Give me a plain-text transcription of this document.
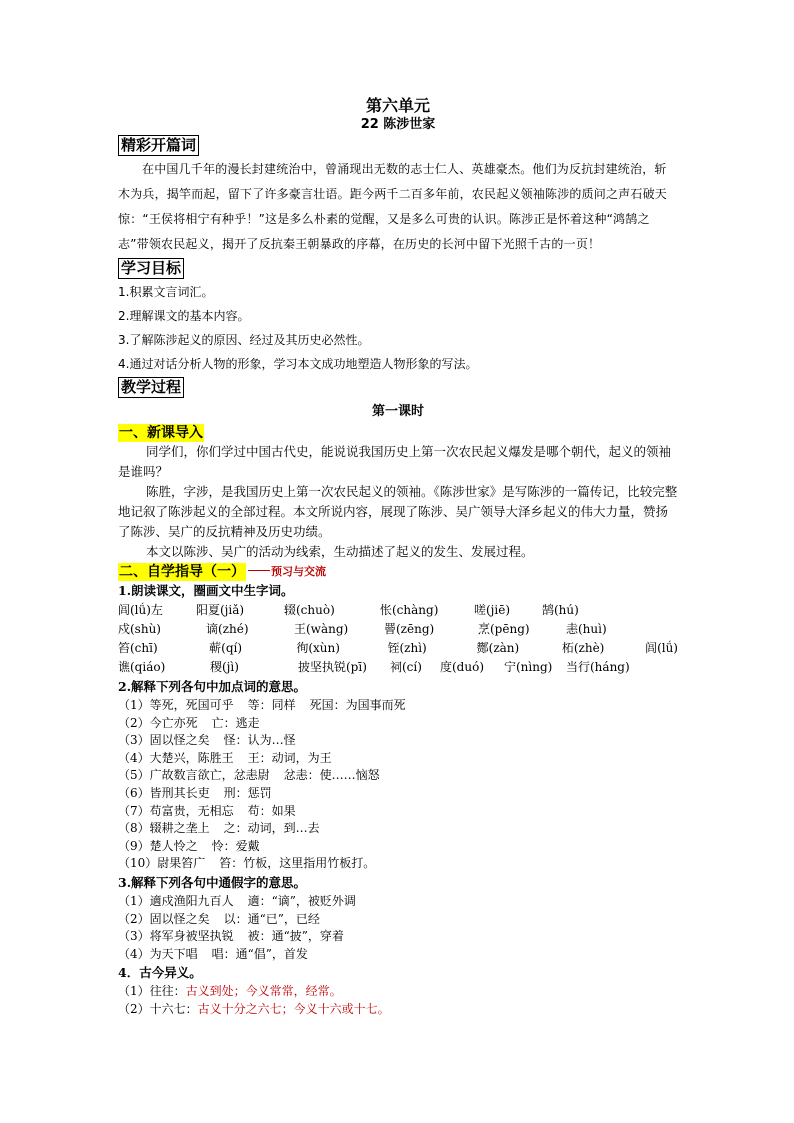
第六单元

22 陈涉世家

精彩开篇词

在中国几千年的漫长封建统治中，曾涌现出无数的志士仁人、英雄豪杰。他们为反抗封建统治，斩木为兵，揭竿而起，留下了许多豪言壮语。距今两千二百多年前，农民起义领袖陈涉的质问之声石破天惊：“王侯将相宁有种乎！”这是多么朴素的觉醒，又是多么可贵的认识。陈涉正是怀着这种“鸿鹄之志”带领农民起义，揭开了反抗秦王朝暴政的序幕，在历史的长河中留下光照千古的一页！

学习目标

1.积累文言词汇。

2.理解课文的基本内容。

3.了解陈涉起义的原因、经过及其历史必然性。

4.通过对话分析人物的形象，学习本文成功地塑造人物形象的写法。

教学过程

第一课时

一、新课导入

同学们，你们学过中国古代史，能说说我国历史上第一次农民起义爆发是哪个朝代，起义的领袖是谁吗？

陈胜，字涉，是我国历史上第一次农民起义的领袖。《陈涉世家》是写陈涉的一篇传记，比较完整地记叙了陈涉起义的全部过程。本文所说内容，展现了陈涉、吴广领导大泽乡起义的伟大力量，赞扬了陈涉、吴广的反抗精神及历史功绩。

本文以陈涉、吴广的活动为线索，生动描述了起义的发生、发展过程。

二、自学指导（一）	预习与交流

1.朗读课文，圈画文中生字词。

闾(lǘ)左	阳夏(jiǎ)	辍(chuò)	怅(chàng)	嗟(jiē)	鹄(hú)
戍(shù)	谪(zhé)	王(wàng)	罾(zēng)	烹(pēng)	恚(huì)
笞(chī)	蕲(qí)	徇(xùn)	铚(zhì)	酂(zàn)	柘(zhè)	闾(lǘ)
谯(qiáo)	稷(jì)	披坚执锐(pī)	祠(cí)	度(duó)	宁(nìng)	当行(háng)

2.解释下列各句中加点词的意思。

（1）等死，死国可乎 等：同样 死国：为国事而死

（2）今亡亦死 亡：逃走

（3）固以怪之矣 怪：认为…怪

（4）大楚兴，陈胜王 王：动词，为王

（5）广故数言欲亡，忿恚尉 忿恚：使……恼怒

（6）皆刑其长吏 刑：惩罚

（7）苟富贵，无相忘 苟：如果

（8）辍耕之垄上 之：动词，到…去

（9）楚人怜之 怜：爱戴

（10）尉果笞广 笞：竹板，这里指用竹板打。

3.解释下列各句中通假字的意思。

（1）適戍渔阳九百人 適：“谪”，被贬外调

（2）固以怪之矣 以：通“已”，已经

（3）将军身被坚执锐 被：通“披”，穿着

（4）为天下唱 唱：通“倡”，首发

4．古今异义。

（1）往往：古义到处；今义常常，经常。

（2）十六七：古义十分之六七；今义十六或十七。
